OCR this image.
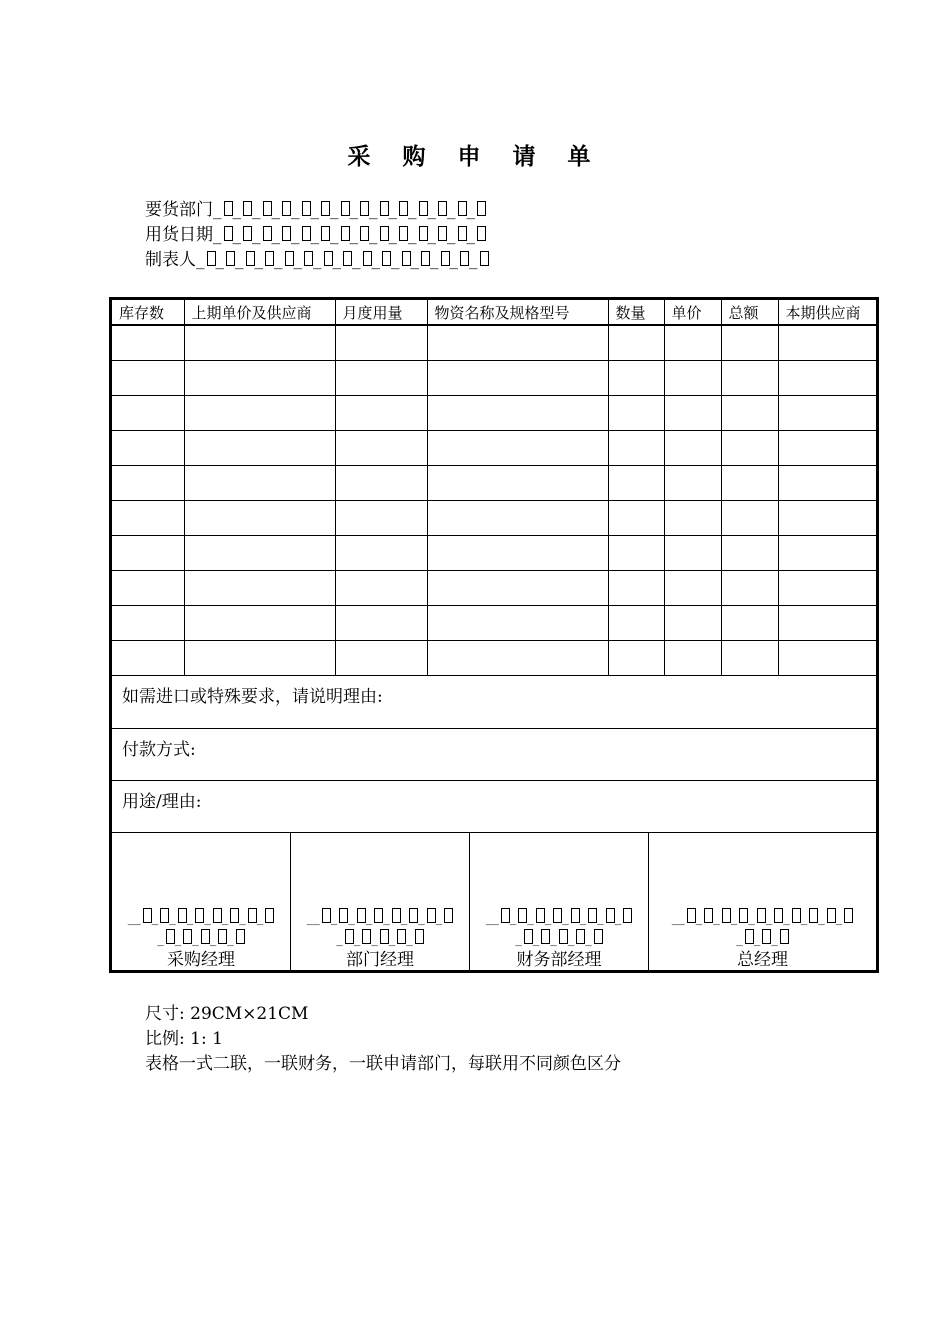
采 购 申 请 单
要货部门_ _ _ _ _ _ _ _ _ _ _ _ _ _
用货日期_ _ _ _ _ _ _ _ _ _ _ _ _ _
制表人_ _ _ _ _ _ _ _ _ _ _ _ _ _ _
库存数	上期单价及供应商	月度用量	物资名称及规格型号	数量	单价	总额	本期供应商

如需进口或特殊要求，请说明理由:
付款方式:
用途/理由:
__ _ _ _ _ _ _ _
_ _ _ _ _
采购经理
__ _ _ _ _ _ _ _
_ _ _ _ _
部门经理
__ _ _ _ _ _ _ _
_ _ _ _ _
财务部经理
__ _ _ _ _ _ _ _ _ _
_ _ _
总经理
尺寸: 29CM×21CM
比例: 1: 1
表格一式二联，一联财务，一联申请部门，每联用不同颜色区分
